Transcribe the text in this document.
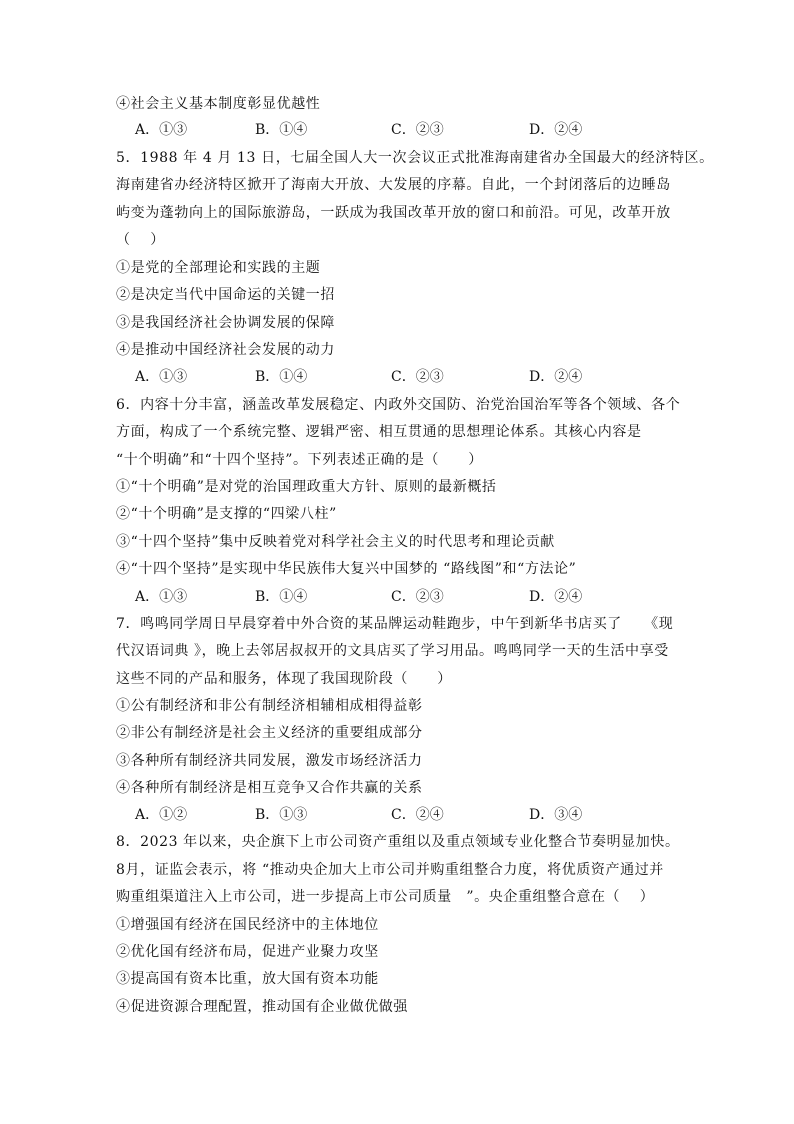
④社会主义基本制度彰显优越性
A．①③	B．①④	C．②③	D．②④
5．1988 年 4 月 13 日，七届全国人大一次会议正式批准海南建省办全国最大的经济特区。
海南建省办经济特区掀开了海南大开放、大发展的序幕。自此，一个封闭落后的边睡岛
屿变为蓬勃向上的国际旅游岛，一跃成为我国改革开放的窗口和前沿。可见，改革开放
（　 ）
①是党的全部理论和实践的主题
②是决定当代中国命运的关键一招
③是我国经济社会协调发展的保障
④是推动中国经济社会发展的动力
A．①③	B．①④	C．②③	D．②④
6．内容十分丰富，涵盖改革发展稳定、内政外交国防、治党治国治军等各个领域、各个
方面，构成了一个系统完整、逻辑严密、相互贯通的思想理论体系。其核心内容是
“十个明确”和“十四个坚持”。下列表述正确的是（　　）
①“十个明确”是对党的治国理政重大方针、原则的最新概括
②“十个明确”是支撑的“四梁八柱”
③“十四个坚持”集中反映着党对科学社会主义的时代思考和理论贡献
④“十四个坚持”是实现中华民族伟大复兴中国梦的 “路线图”和“方法论”
A．①③	B．①④	C．②③	D．②④
7．鸣鸣同学周日早晨穿着中外合资的某品牌运动鞋跑步，中午到新华书店买了　　《现
代汉语词典 》，晚上去邻居叔叔开的文具店买了学习用品。鸣鸣同学一天的生活中享受
这些不同的产品和服务，体现了我国现阶段（　　）
①公有制经济和非公有制经济相辅相成相得益彰
②非公有制经济是社会主义经济的重要组成部分
③各种所有制经济共同发展，激发市场经济活力
④各种所有制经济是相互竞争又合作共赢的关系
A．①②	B．①③	C．②④	D．③④
8．2023 年以来，央企旗下上市公司资产重组以及重点领域专业化整合节奏明显加快。
8月，证监会表示，将 “推动央企加大上市公司并购重组整合力度，将优质资产通过并
购重组渠道注入上市公司，进一步提高上市公司质量　”。央企重组整合意在（　 ）
①增强国有经济在国民经济中的主体地位
②优化国有经济布局，促进产业聚力攻坚
③提高国有资本比重，放大国有资本功能
④促进资源合理配置，推动国有企业做优做强
